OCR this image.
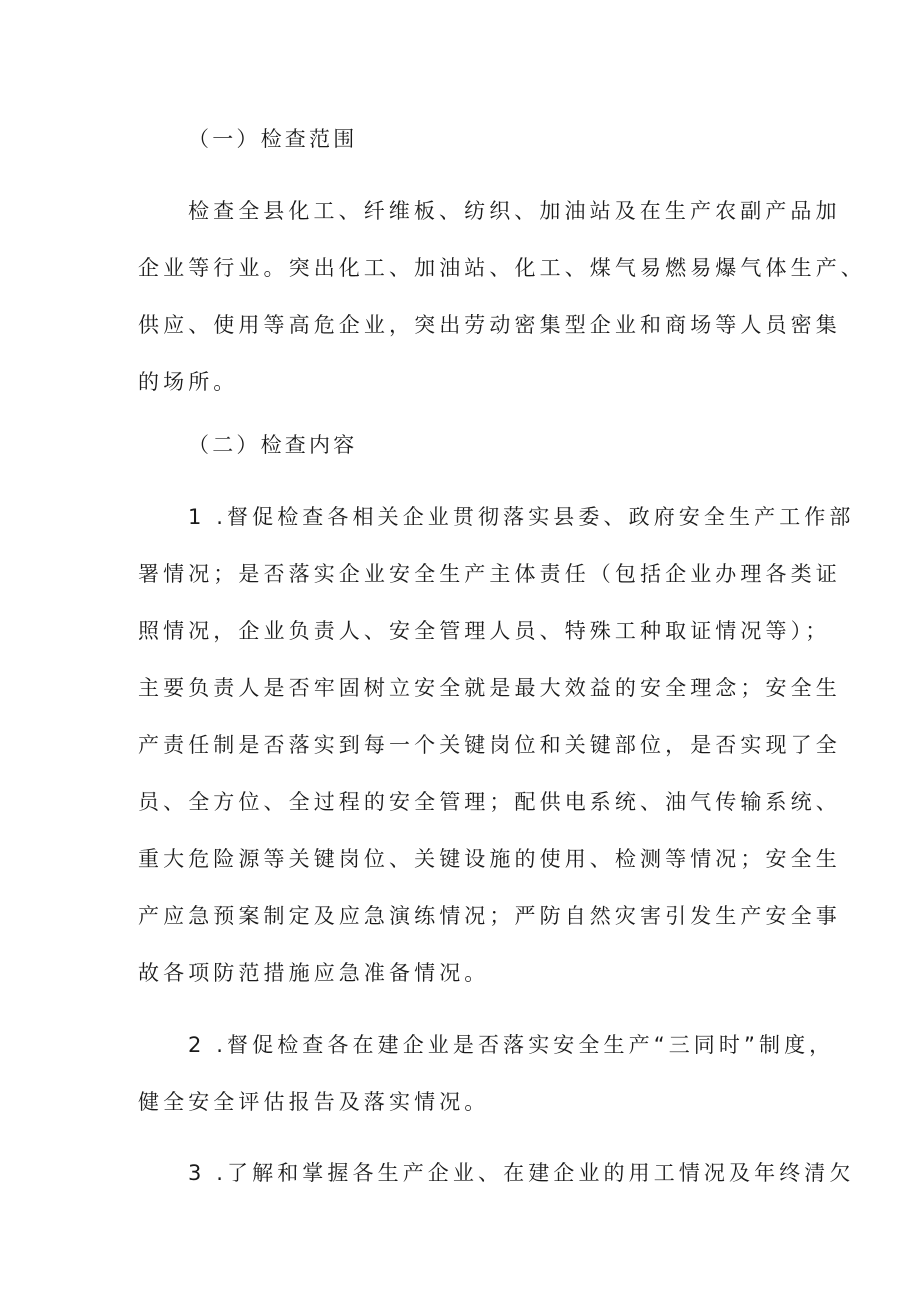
（一）检查范围

检查全县化工、纤维板、纺织、加油站及在生产农副产品加

企业等行业。突出化工、加油站、化工、煤气易燃易爆气体生产、

供应、使用等高危企业，突出劳动密集型企业和商场等人员密集

的场所。

（二）检查内容

1 .督促检查各相关企业贯彻落实县委、政府安全生产工作部

署情况；是否落实企业安全生产主体责任（包括企业办理各类证

照情况，企业负责人、安全管理人员、特殊工种取证情况等）；

主要负责人是否牢固树立安全就是最大效益的安全理念；安全生

产责任制是否落实到每一个关键岗位和关键部位，是否实现了全

员、全方位、全过程的安全管理；配供电系统、油气传输系统、

重大危险源等关键岗位、关键设施的使用、检测等情况；安全生

产应急预案制定及应急演练情况；严防自然灾害引发生产安全事

故各项防范措施应急准备情况。

2 .督促检查各在建企业是否落实安全生产“三同时”制度，

健全安全评估报告及落实情况。

3 .了解和掌握各生产企业、在建企业的用工情况及年终清欠
